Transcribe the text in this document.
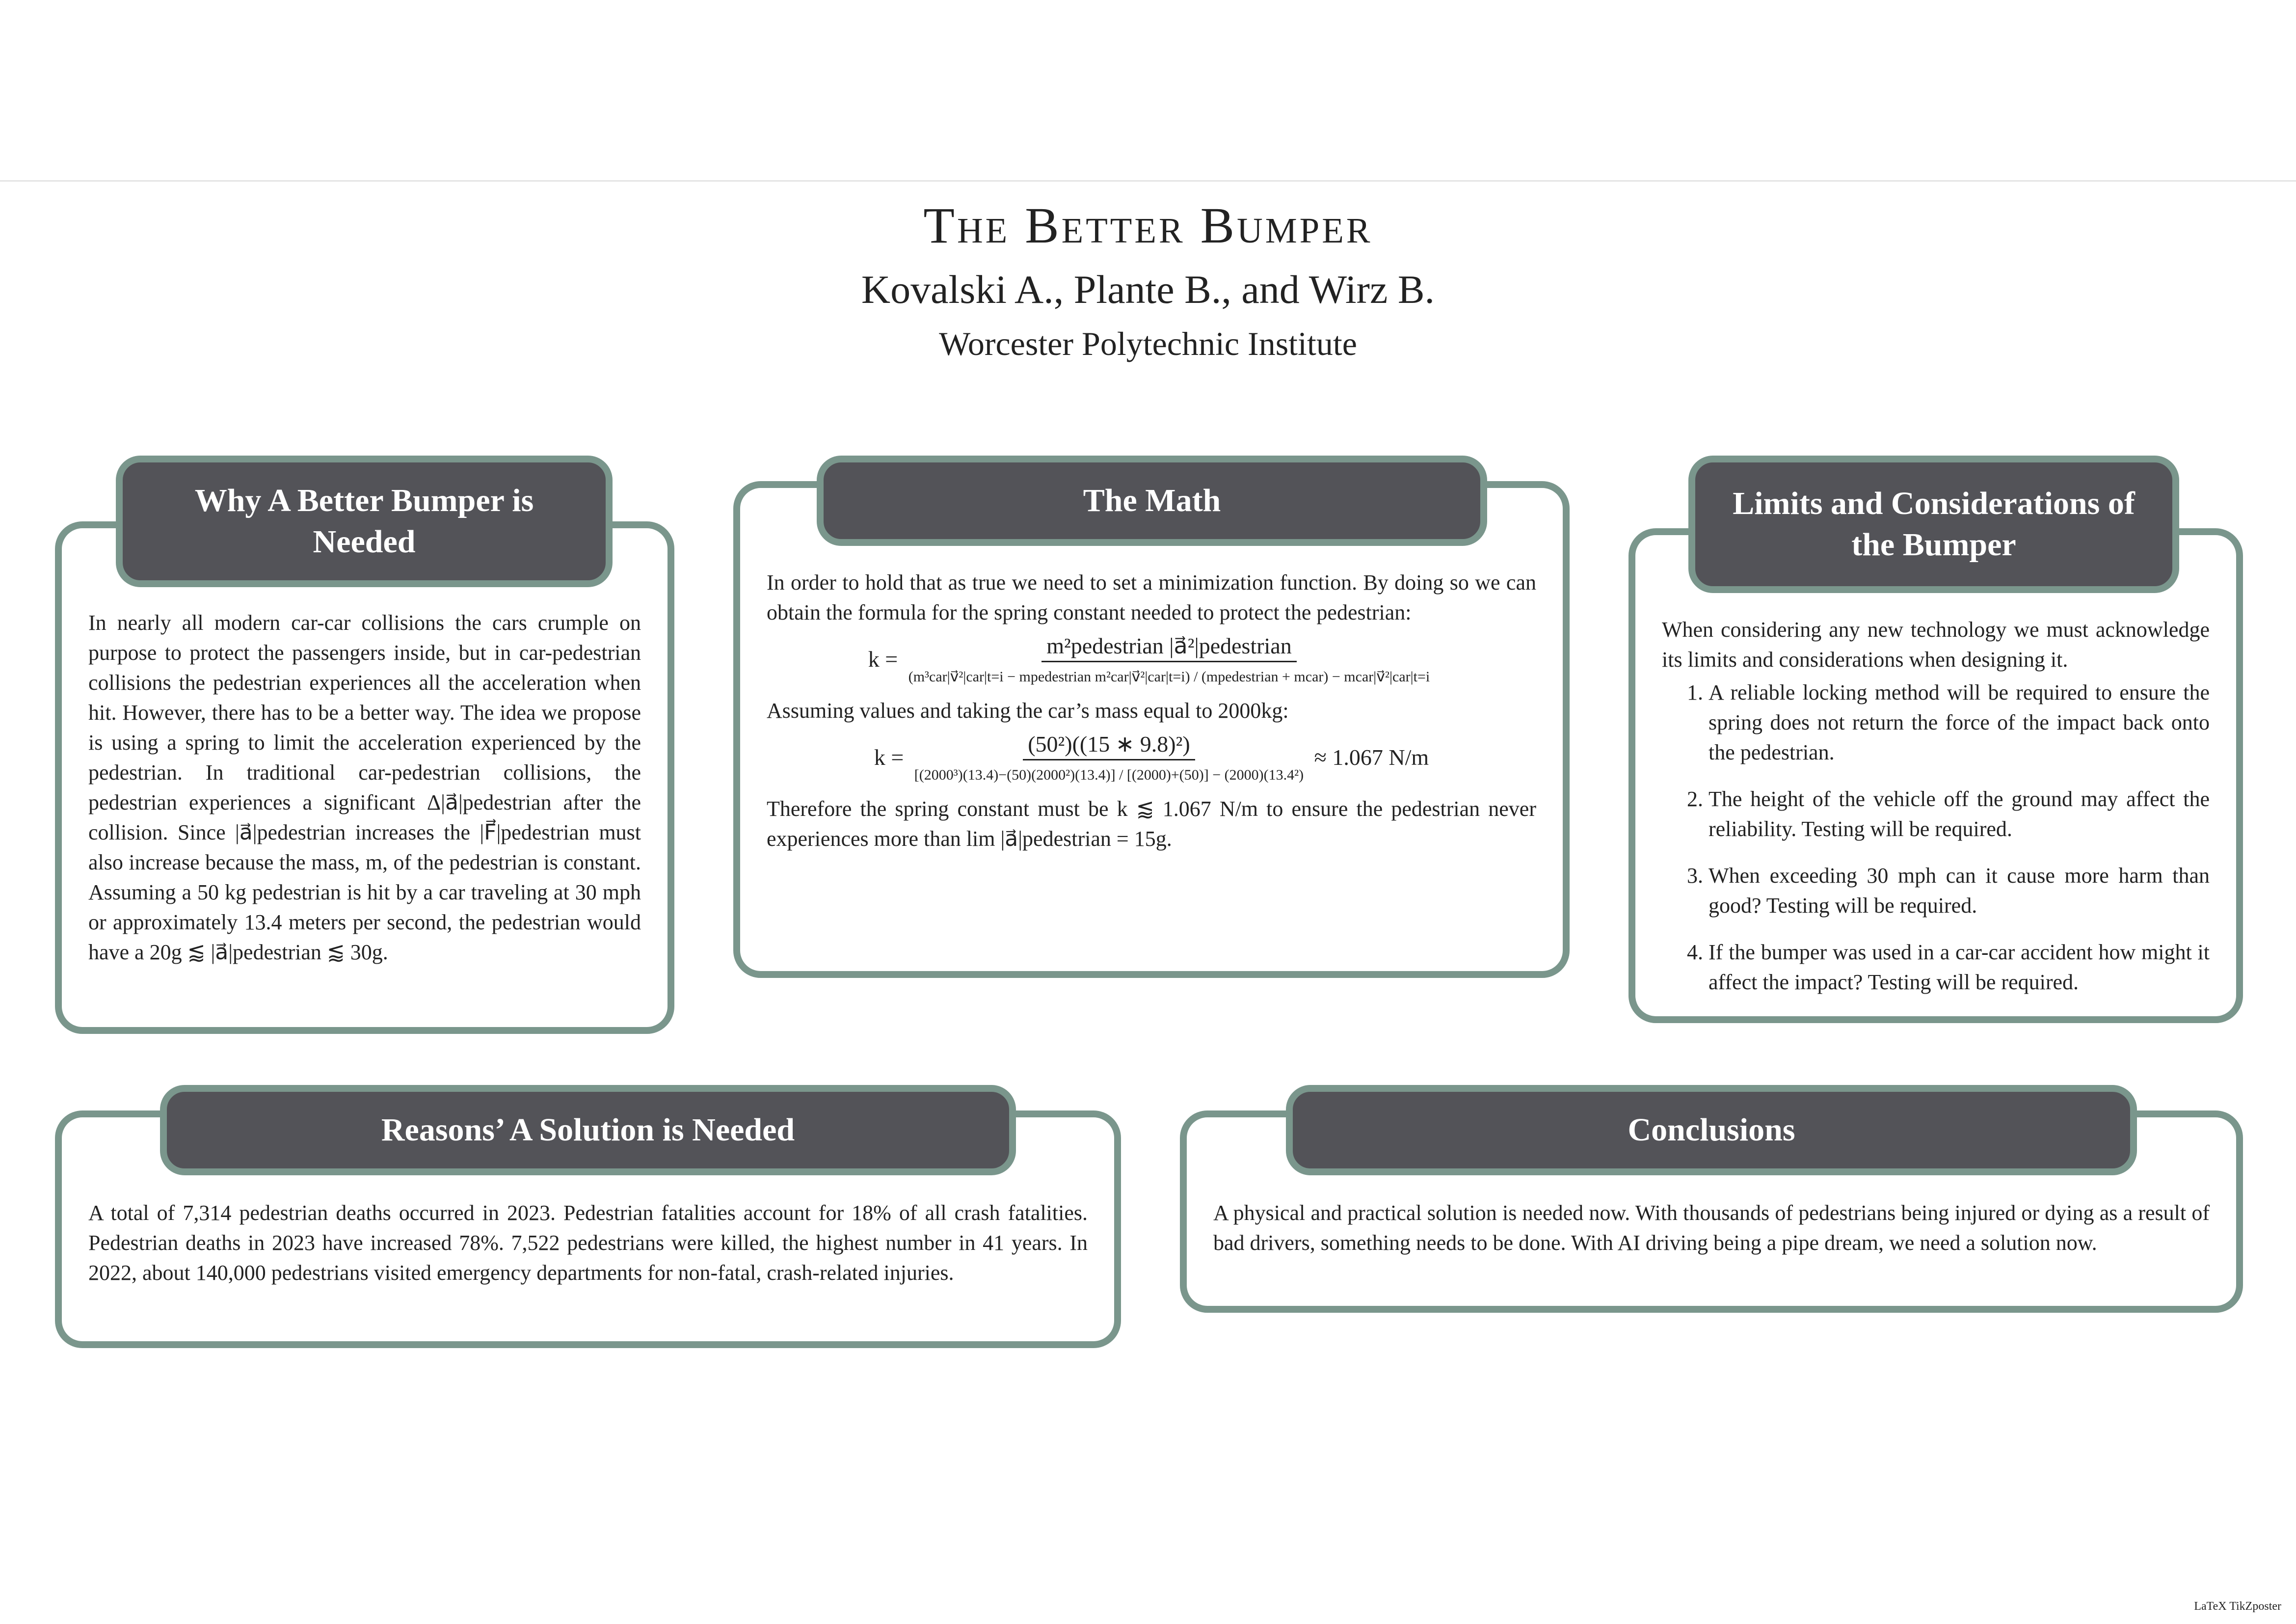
The Better Bumper

Kovalski A., Plante B., and Wirz B.

Worcester Polytechnic Institute

Why A Better Bumper is Needed

In nearly all modern car-car collisions the cars crumple on purpose to protect the passengers inside, but in car-pedestrian collisions the pedestrian experiences all the acceleration when hit. However, there has to be a better way. The idea we propose is using a spring to limit the acceleration experienced by the pedestrian. In traditional car-pedestrian collisions, the pedestrian experiences a significant Δ|a⃗|pedestrian after the collision. Since |a⃗|pedestrian increases the |F⃗|pedestrian must also increase because the mass, m, of the pedestrian is constant. Assuming a 50 kg pedestrian is hit by a car traveling at 30 mph or approximately 13.4 meters per second, the pedestrian would have a 20g ⪅ |a⃗|pedestrian ⪅ 30g.

The Math

In order to hold that as true we need to set a minimization function. By doing so we can obtain the formula for the spring constant needed to protect the pedestrian:

k =
m²pedestrian |a⃗²|pedestrian
(m³car|v⃗²|car|t=i − mpedestrian m²car|v⃗²|car|t=i) / (mpedestrian + mcar) − mcar|v⃗²|car|t=i

Assuming values and taking the car’s mass equal to 2000kg:

k =
(50²)((15 ∗ 9.8)²)
[(2000³)(13.4)−(50)(2000²)(13.4)] / [(2000)+(50)] − (2000)(13.4²)
≈ 1.067 N/m

Therefore the spring constant must be k ⪅ 1.067 N/m to ensure the pedestrian never experiences more than lim |a⃗|pedestrian = 15g.

Limits and Considerations of the Bumper

When considering any new technology we must acknowledge its limits and considerations when designing it.

1. A reliable locking method will be required to ensure the spring does not return the force of the impact back onto the pedestrian.
2. The height of the vehicle off the ground may affect the reliability. Testing will be required.
3. When exceeding 30 mph can it cause more harm than good? Testing will be required.
4. If the bumper was used in a car-car accident how might it affect the impact? Testing will be required.
Reasons’ A Solution is Needed

A total of 7,314 pedestrian deaths occurred in 2023. Pedestrian fatalities account for 18% of all crash fatalities. Pedestrian deaths in 2023 have increased 78%. 7,522 pedestrians were killed, the highest number in 41 years. In 2022, about 140,000 pedestrians visited emergency departments for non-fatal, crash-related injuries.

Conclusions

A physical and practical solution is needed now. With thousands of pedestrians being injured or dying as a result of bad drivers, something needs to be done. With AI driving being a pipe dream, we need a solution now.

LaTeX TikZposter
